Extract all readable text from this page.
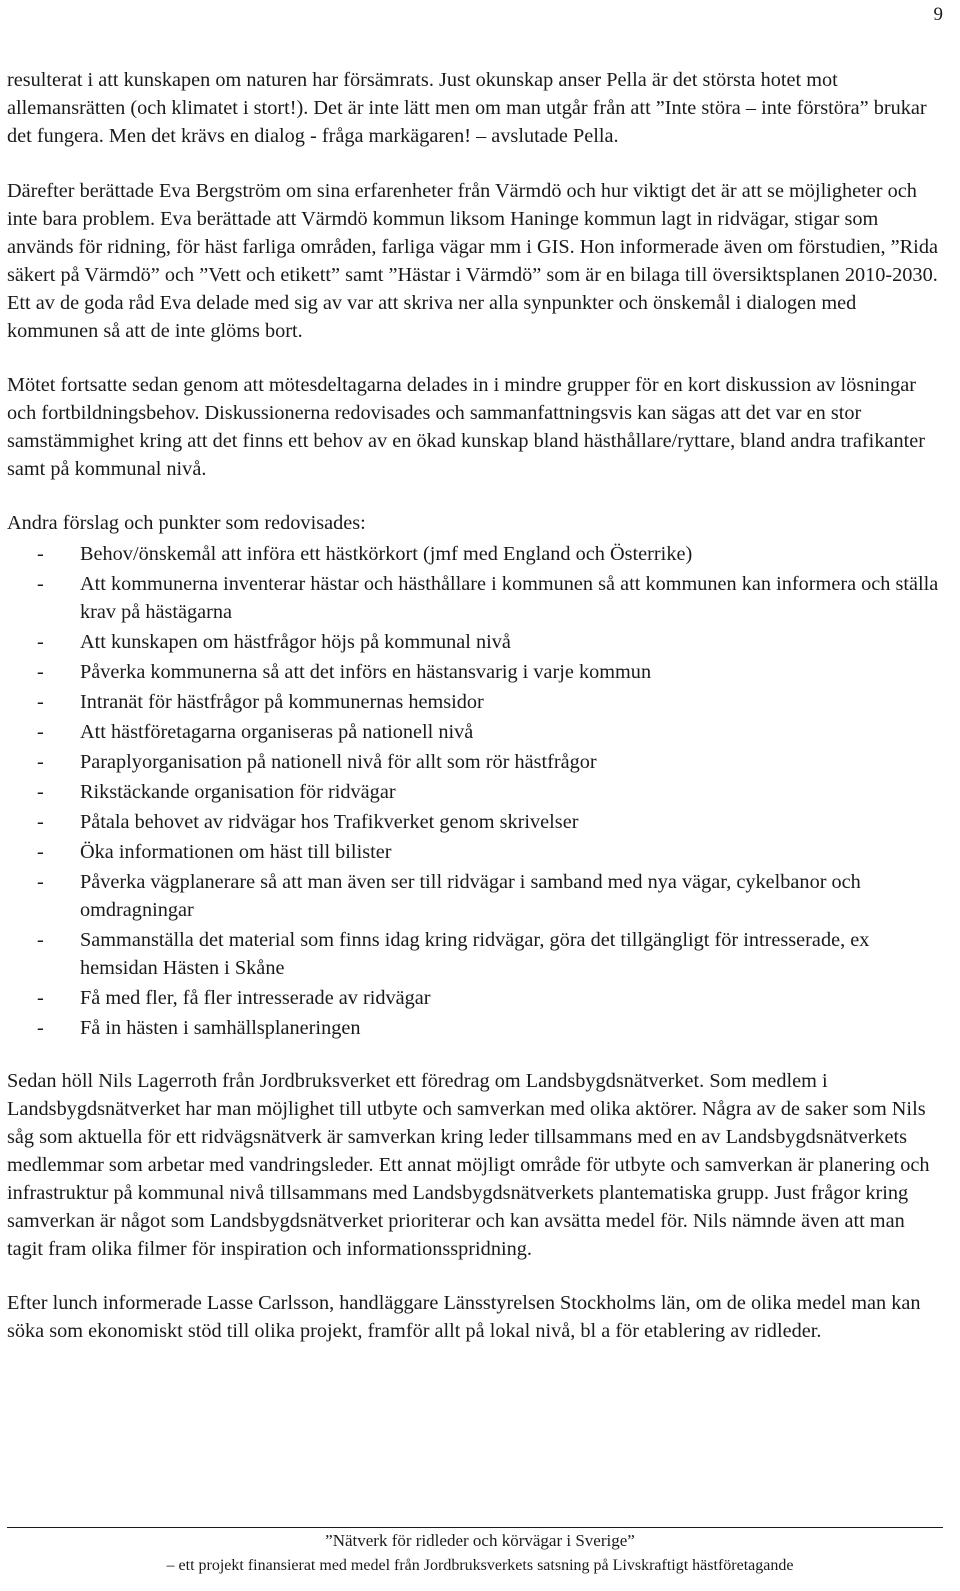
9

resulterat i att kunskapen om naturen har försämrats. Just okunskap anser Pella är det största hotet mot allemansrätten (och klimatet i stort!). Det är inte lätt men om man utgår från att ”Inte störa – inte förstöra” brukar det fungera. Men det krävs en dialog - fråga markägaren! – avslutade Pella.

Därefter berättade Eva Bergström om sina erfarenheter från Värmdö och hur viktigt det är att se möjligheter och inte bara problem. Eva berättade att Värmdö kommun liksom Haninge kommun lagt in ridvägar, stigar som används för ridning, för häst farliga områden, farliga vägar mm i GIS. Hon informerade även om förstudien, ”Rida säkert på Värmdö” och ”Vett och etikett” samt ”Hästar i Värmdö” som är en bilaga till översiktsplanen 2010-2030. Ett av de goda råd Eva delade med sig av var att skriva ner alla synpunkter och önskemål i dialogen med kommunen så att de inte glöms bort.

Mötet fortsatte sedan genom att mötesdeltagarna delades in i mindre grupper för en kort diskussion av lösningar och fortbildningsbehov. Diskussionerna redovisades och sammanfattningsvis kan sägas att det var en stor samstämmighet kring att det finns ett behov av en ökad kunskap bland hästhållare/ryttare, bland andra trafikanter samt på kommunal nivå.

Andra förslag och punkter som redovisades:
- Behov/önskemål att införa ett hästkörkort (jmf med England och Österrike)
- Att kommunerna inventerar hästar och hästhållare i kommunen så att kommunen kan informera och ställa krav på hästägarna
- Att kunskapen om hästfrågor höjs på kommunal nivå
- Påverka kommunerna så att det införs en hästansvarig i varje kommun
- Intranät för hästfrågor på kommunernas hemsidor
- Att hästföretagarna organiseras på nationell nivå
- Paraplyorganisation på nationell nivå för allt som rör hästfrågor
- Rikstäckande organisation för ridvägar
- Påtala behovet av ridvägar hos Trafikverket genom skrivelser
- Öka informationen om häst till bilister
- Påverka vägplanerare så att man även ser till ridvägar i samband med nya vägar, cykelbanor och omdragningar
- Sammanställa det material som finns idag kring ridvägar, göra det tillgängligt för intresserade, ex hemsidan Hästen i Skåne
- Få med fler, få fler intresserade av ridvägar
- Få in hästen i samhällsplaneringen

Sedan höll Nils Lagerroth från Jordbruksverket ett föredrag om Landsbygdsnätverket. Som medlem i Landsbygdsnätverket har man möjlighet till utbyte och samverkan med olika aktörer. Några av de saker som Nils såg som aktuella för ett ridvägsnätverk är samverkan kring leder tillsammans med en av Landsbygdsnätverkets medlemmar som arbetar med vandringsleder. Ett annat möjligt område för utbyte och samverkan är planering och infrastruktur på kommunal nivå tillsammans med Landsbygdsnätverkets plantematiska grupp. Just frågor kring samverkan är något som Landsbygdsnätverket prioriterar och kan avsätta medel för. Nils nämnde även att man tagit fram olika filmer för inspiration och informationsspridning.

Efter lunch informerade Lasse Carlsson, handläggare Länsstyrelsen Stockholms län, om de olika medel man kan söka som ekonomiskt stöd till olika projekt, framför allt på lokal nivå, bl a för etablering av ridleder.

”Nätverk för ridleder och körvägar i Sverige”
– ett projekt finansierat med medel från Jordbruksverkets satsning på Livskraftigt hästföretagande
